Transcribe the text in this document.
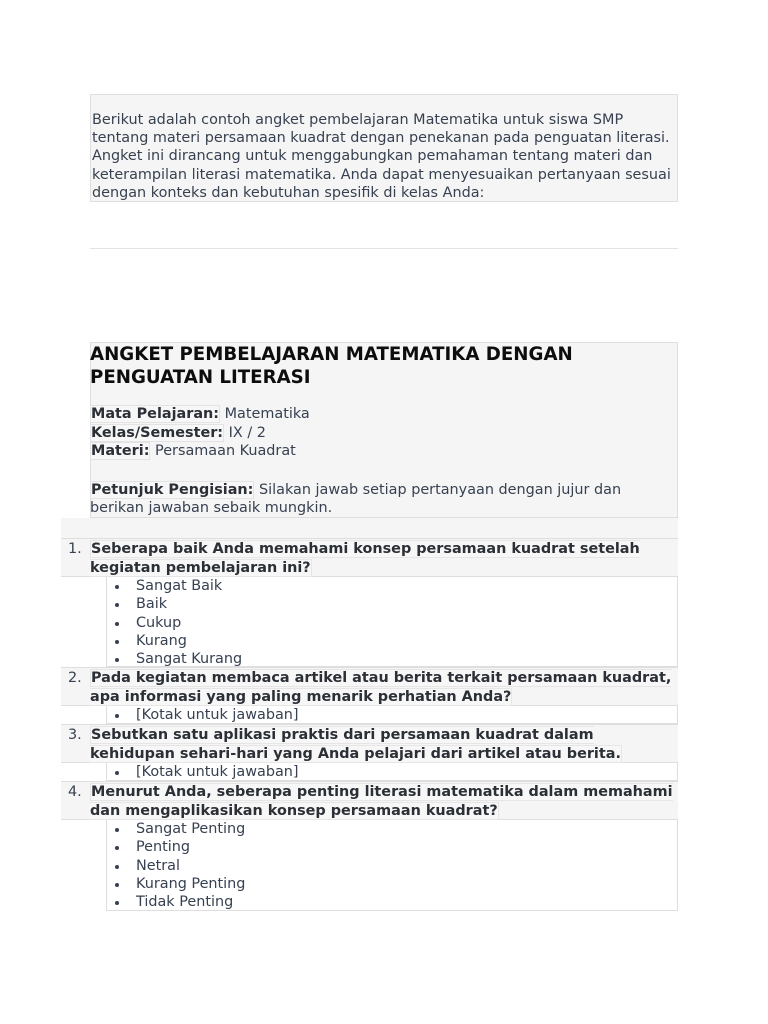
Berikut adalah contoh angket pembelajaran Matematika untuk siswa SMP tentang materi persamaan kuadrat dengan penekanan pada penguatan literasi. Angket ini dirancang untuk menggabungkan pemahaman tentang materi dan keterampilan literasi matematika. Anda dapat menyesuaikan pertanyaan sesuai dengan konteks dan kebutuhan spesifik di kelas Anda:
ANGKET PEMBELAJARAN MATEMATIKA DENGAN PENGUATAN LITERASI
Mata Pelajaran: Matematika
Kelas/Semester: IX / 2
Materi: Persamaan Kuadrat
Petunjuk Pengisian: Silakan jawab setiap pertanyaan dengan jujur dan berikan jawaban sebaik mungkin.
1. Seberapa baik Anda memahami konsep persamaan kuadrat setelah kegiatan pembelajaran ini?
Sangat Baik
Baik
Cukup
Kurang
Sangat Kurang
2. Pada kegiatan membaca artikel atau berita terkait persamaan kuadrat, apa informasi yang paling menarik perhatian Anda?
[Kotak untuk jawaban]
3. Sebutkan satu aplikasi praktis dari persamaan kuadrat dalam kehidupan sehari-hari yang Anda pelajari dari artikel atau berita.
[Kotak untuk jawaban]
4. Menurut Anda, seberapa penting literasi matematika dalam memahami dan mengaplikasikan konsep persamaan kuadrat?
Sangat Penting
Penting
Netral
Kurang Penting
Tidak Penting
